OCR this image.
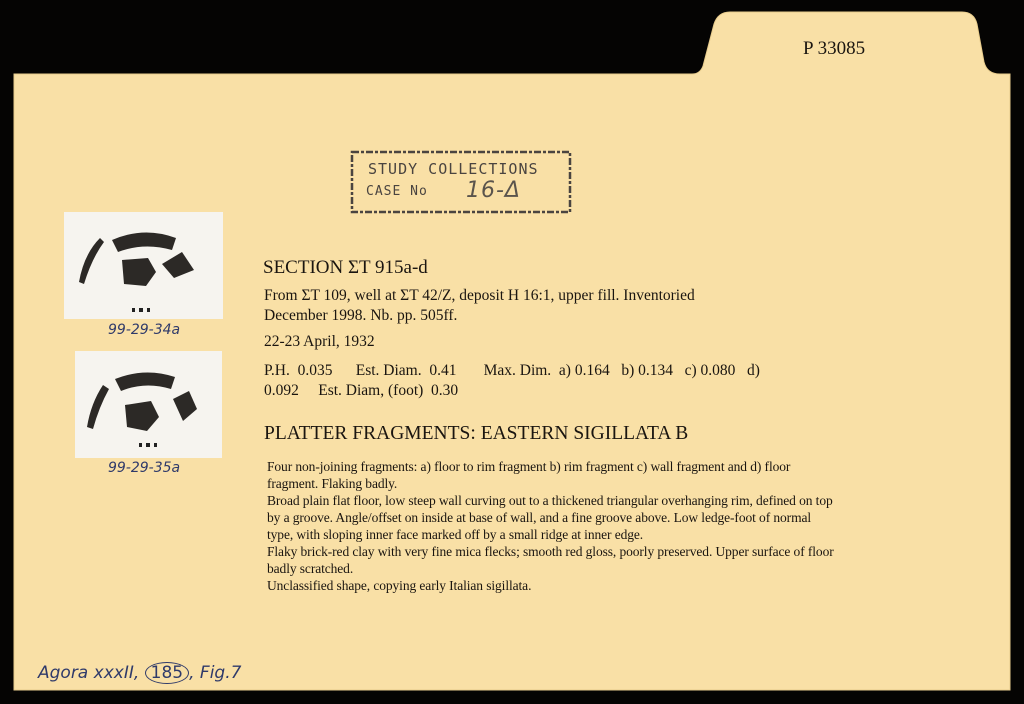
P 33085
STUDY COLLECTIONS
CASE No 16-Δ
99-29-34a
99-29-35a
SECTION ΣT 915a-d
From ΣT 109, well at ΣT 42/Z, deposit H 16:1, upper fill. Inventoried
December 1998. Nb. pp. 505ff.
22-23 April, 1932
P.H.  0.035      Est. Diam.  0.41       Max. Dim.  a) 0.164   b) 0.134   c) 0.080   d)
0.092     Est. Diam, (foot)  0.30
PLATTER FRAGMENTS: EASTERN SIGILLATA B
Four non-joining fragments: a) floor to rim fragment b) rim fragment c) wall fragment and d) floor
fragment. Flaking badly.
Broad plain flat floor, low steep wall curving out to a thickened triangular overhanging rim, defined on top
by a groove. Angle/offset on inside at base of wall, and a fine groove above. Low ledge-foot of normal
type, with sloping inner face marked off by a small ridge at inner edge.
Flaky brick-red clay with very fine mica flecks; smooth red gloss, poorly preserved. Upper surface of floor
badly scratched.
Unclassified shape, copying early Italian sigillata.
Agora xxxII, 185 , Fig.7
